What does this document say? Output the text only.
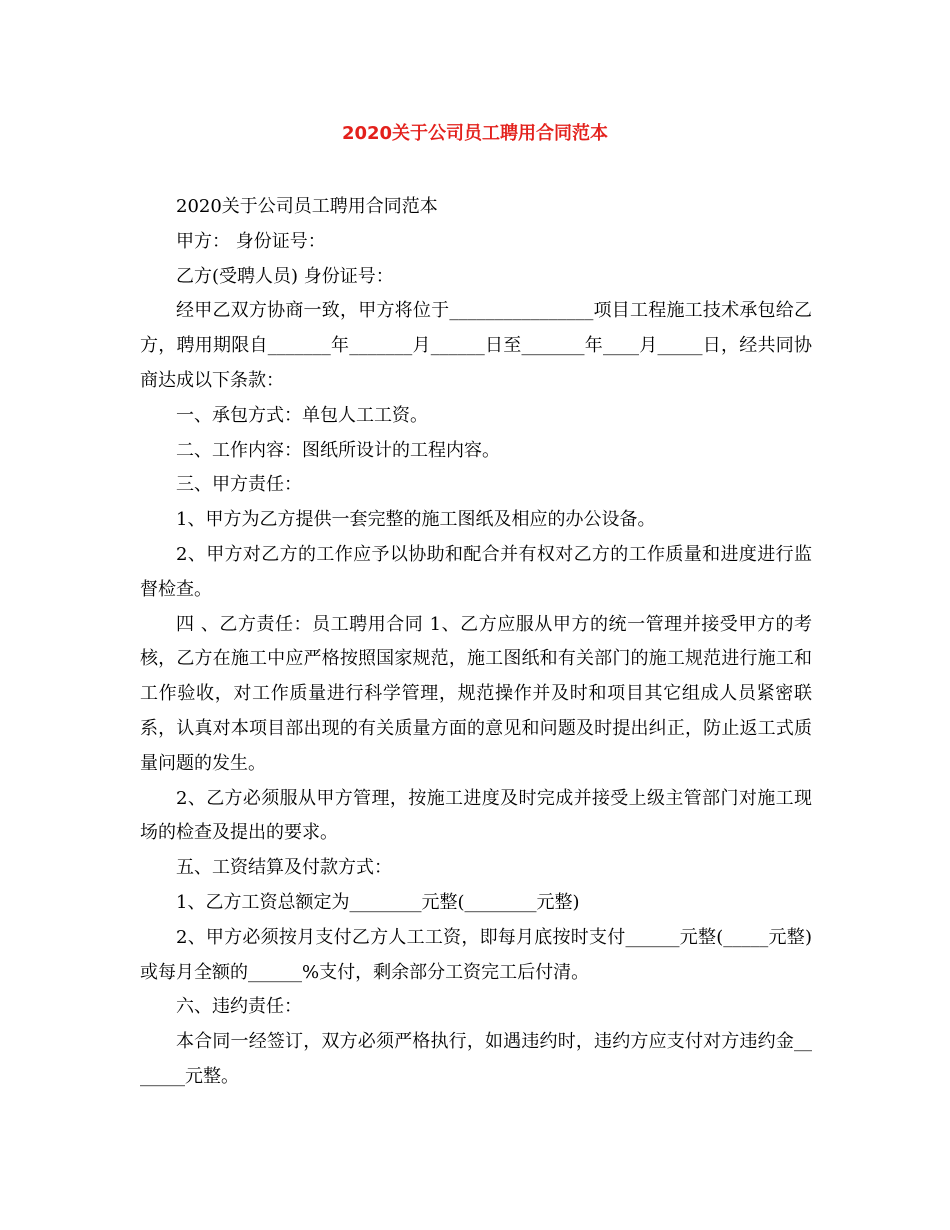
2020关于公司员工聘用合同范本

2020关于公司员工聘用合同范本

甲方： 身份证号：

乙方(受聘人员) 身份证号：

经甲乙双方协商一致，甲方将位于________________项目工程施工技术承包给乙方，聘用期限自_______年_______月______日至_______年____月_____日，经共同协商达成以下条款：

一、承包方式：单包人工工资。

二、工作内容：图纸所设计的工程内容。

三、甲方责任：

1、甲方为乙方提供一套完整的施工图纸及相应的办公设备。

2、甲方对乙方的工作应予以协助和配合并有权对乙方的工作质量和进度进行监督检查。

四 、乙方责任：员工聘用合同 1、乙方应服从甲方的统一管理并接受甲方的考核，乙方在施工中应严格按照国家规范，施工图纸和有关部门的施工规范进行施工和工作验收，对工作质量进行科学管理，规范操作并及时和项目其它组成人员紧密联系，认真对本项目部出现的有关质量方面的意见和问题及时提出纠正，防止返工式质量问题的发生。

2、乙方必须服从甲方管理，按施工进度及时完成并接受上级主管部门对施工现场的检查及提出的要求。

五、工资结算及付款方式：

1、乙方工资总额定为________元整(________元整)

2、甲方必须按月支付乙方人工工资，即每月底按时支付______元整(_____元整)或每月全额的______%支付，剩余部分工资完工后付清。

六、违约责任：

本合同一经签订，双方必须严格执行，如遇违约时，违约方应支付对方违约金_______元整。
